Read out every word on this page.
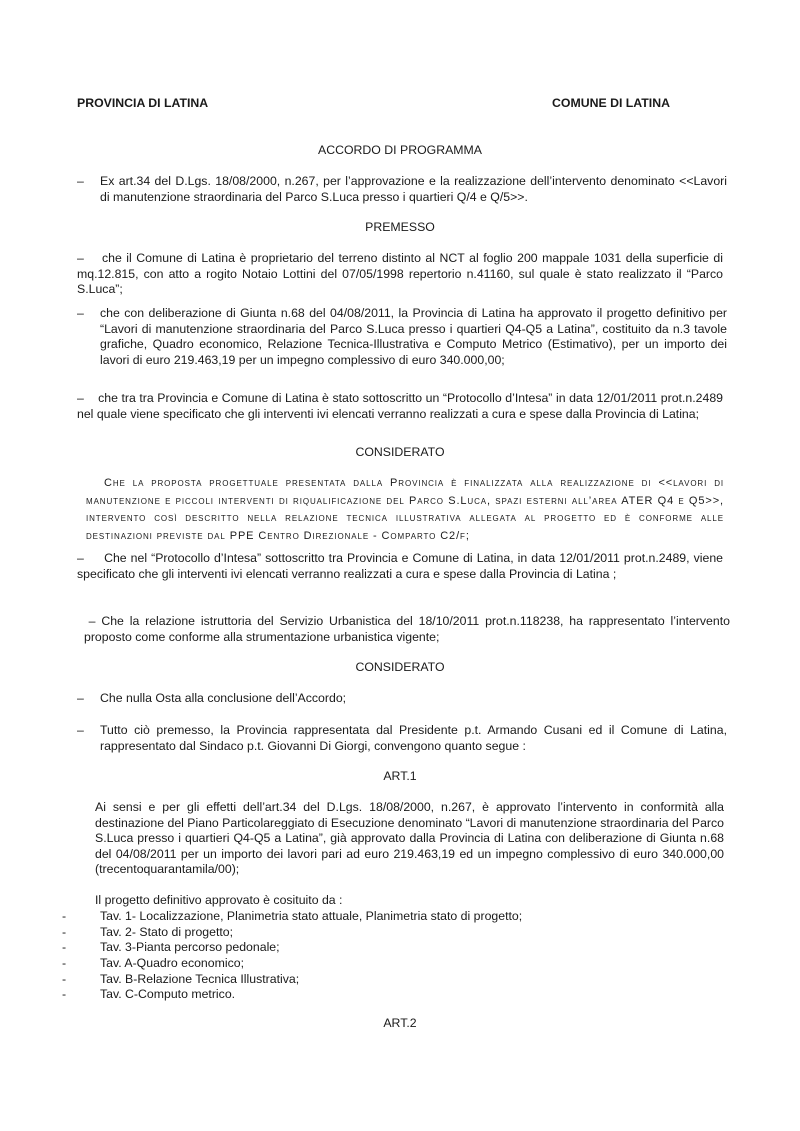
PROVINCIA DI LATINA	COMUNE DI LATINA

ACCORDO DI PROGRAMMA

– Ex art.34 del D.Lgs. 18/08/2000, n.267, per l’approvazione e la realizzazione dell’intervento denominato <<Lavori di manutenzione straordinaria del Parco S.Luca presso i quartieri Q/4 e Q/5>>.

PREMESSO

– che il Comune di Latina è proprietario del terreno distinto al NCT al foglio 200 mappale 1031 della superficie di mq.12.815, con atto a rogito Notaio Lottini del 07/05/1998 repertorio n.41160, sul quale è stato realizzato il “Parco S.Luca”;
– che con deliberazione di Giunta n.68 del 04/08/2011, la Provincia di Latina ha approvato il progetto definitivo per “Lavori di manutenzione straordinaria del Parco S.Luca presso i quartieri Q4-Q5 a Latina”, costituito da n.3 tavole grafiche, Quadro economico, Relazione Tecnica-Illustrativa e Computo Metrico (Estimativo), per un importo dei lavori di euro 219.463,19 per un impegno complessivo di euro 340.000,00;
– che tra tra Provincia e Comune di Latina è stato sottoscritto un “Protocollo d’Intesa” in data 12/01/2011 prot.n.2489 nel quale viene specificato che gli interventi ivi elencati verranno realizzati a cura e spese dalla Provincia di Latina;

CONSIDERATO

Che la proposta progettuale presentata dalla Provincia è finalizzata alla realizzazione di <<lavori di manutenzione e piccoli interventi di riqualificazione del Parco S.Luca, spazi esterni all’area ATER Q4 e Q5>>, intervento così descritto nella relazione tecnica illustrativa allegata al progetto ed è conforme alle destinazioni previste dal PPE Centro Direzionale - Comparto C2/f;
– Che nel “Protocollo d’Intesa” sottoscritto tra Provincia e Comune di Latina, in data 12/01/2011 prot.n.2489, viene specificato che gli interventi ivi elencati verranno realizzati a cura e spese dalla Provincia di Latina ;
– Che la relazione istruttoria del Servizio Urbanistica del 18/10/2011 prot.n.118238, ha rappresentato l’intervento proposto come conforme alla strumentazione urbanistica vigente;

CONSIDERATO

– Che nulla Osta alla conclusione dell’Accordo;
– Tutto ciò premesso, la Provincia rappresentata dal Presidente p.t. Armando Cusani ed il Comune di Latina, rappresentato dal Sindaco p.t. Giovanni Di Giorgi, convengono quanto segue :

ART.1

Ai sensi e per gli effetti dell’art.34 del D.Lgs. 18/08/2000, n.267, è approvato l’intervento in conformità alla destinazione del Piano Particolareggiato di Esecuzione denominato “Lavori di manutenzione straordinaria del Parco S.Luca presso i quartieri Q4-Q5 a Latina”, già approvato dalla Provincia di Latina con deliberazione di Giunta n.68 del 04/08/2011 per un importo dei lavori pari ad euro 219.463,19 ed un impegno complessivo di euro 340.000,00 (trecentoquarantamila/00);

Il progetto definitivo approvato è cosituito da :

-	Tav. 1- Localizzazione, Planimetria stato attuale, Planimetria stato di progetto;
-	Tav. 2- Stato di progetto;
-	Tav. 3-Pianta percorso pedonale;
-	Tav. A-Quadro economico;
-	Tav. B-Relazione Tecnica Illustrativa;
-	Tav. C-Computo metrico.

ART.2
